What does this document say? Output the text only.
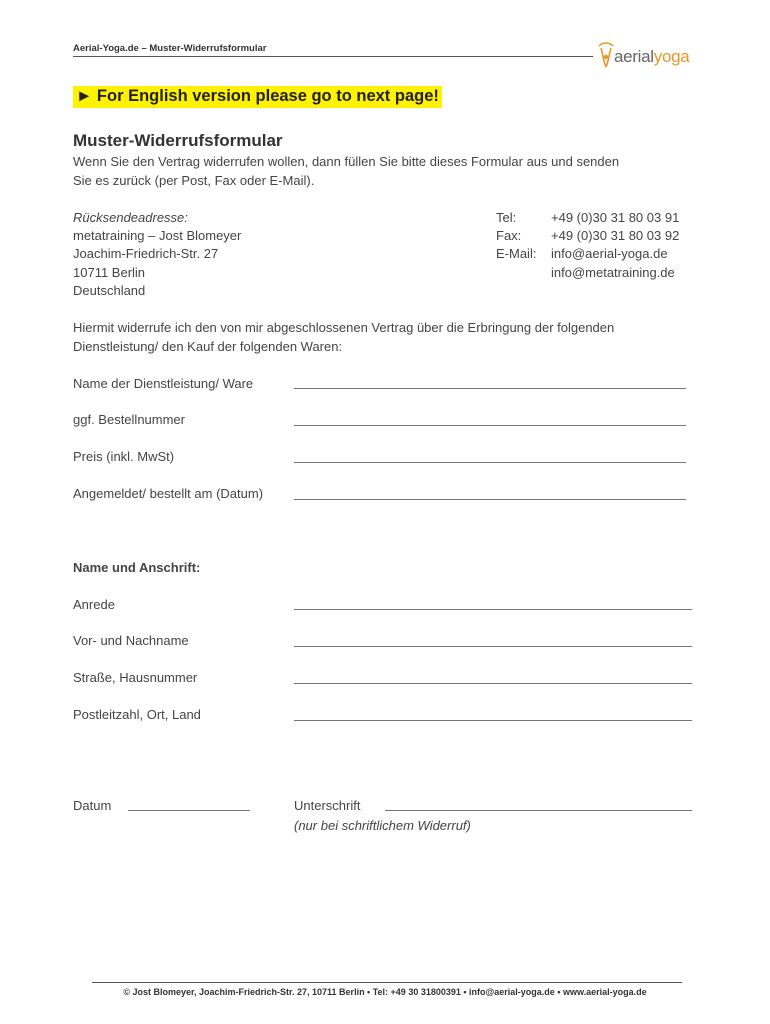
Aerial-Yoga.de – Muster-Widerrufsformular	aerialyoga
► For English version please go to next page!
Muster-Widerrufsformular
Wenn Sie den Vertrag widerrufen wollen, dann füllen Sie bitte dieses Formular aus und senden
Sie es zurück (per Post, Fax oder E-Mail).
Rücksendeadresse:
metatraining – Jost Blomeyer
Joachim-Friedrich-Str. 27
10711 Berlin
Deutschland
Tel:	+49 (0)30 31 80 03 91
Fax: +49 (0)30 31 80 03 92
E-Mail: info@aerial-yoga.de
info@metatraining.de
Hiermit widerrufe ich den von mir abgeschlossenen Vertrag über die Erbringung der folgenden
Dienstleistung/ den Kauf der folgenden Waren:
Name der Dienstleistung/ Ware
ggf. Bestellnummer
Preis (inkl. MwSt)
Angemeldet/ bestellt am (Datum)
Name und Anschrift:
Anrede
Vor- und Nachname
Straße, Hausnummer
Postleitzahl, Ort, Land
Datum	Unterschrift
(nur bei schriftlichem Widerruf)
© Jost Blomeyer, Joachim-Friedrich-Str. 27, 10711 Berlin • Tel: +49 30 31800391 • info@aerial-yoga.de • www.aerial-yoga.de
